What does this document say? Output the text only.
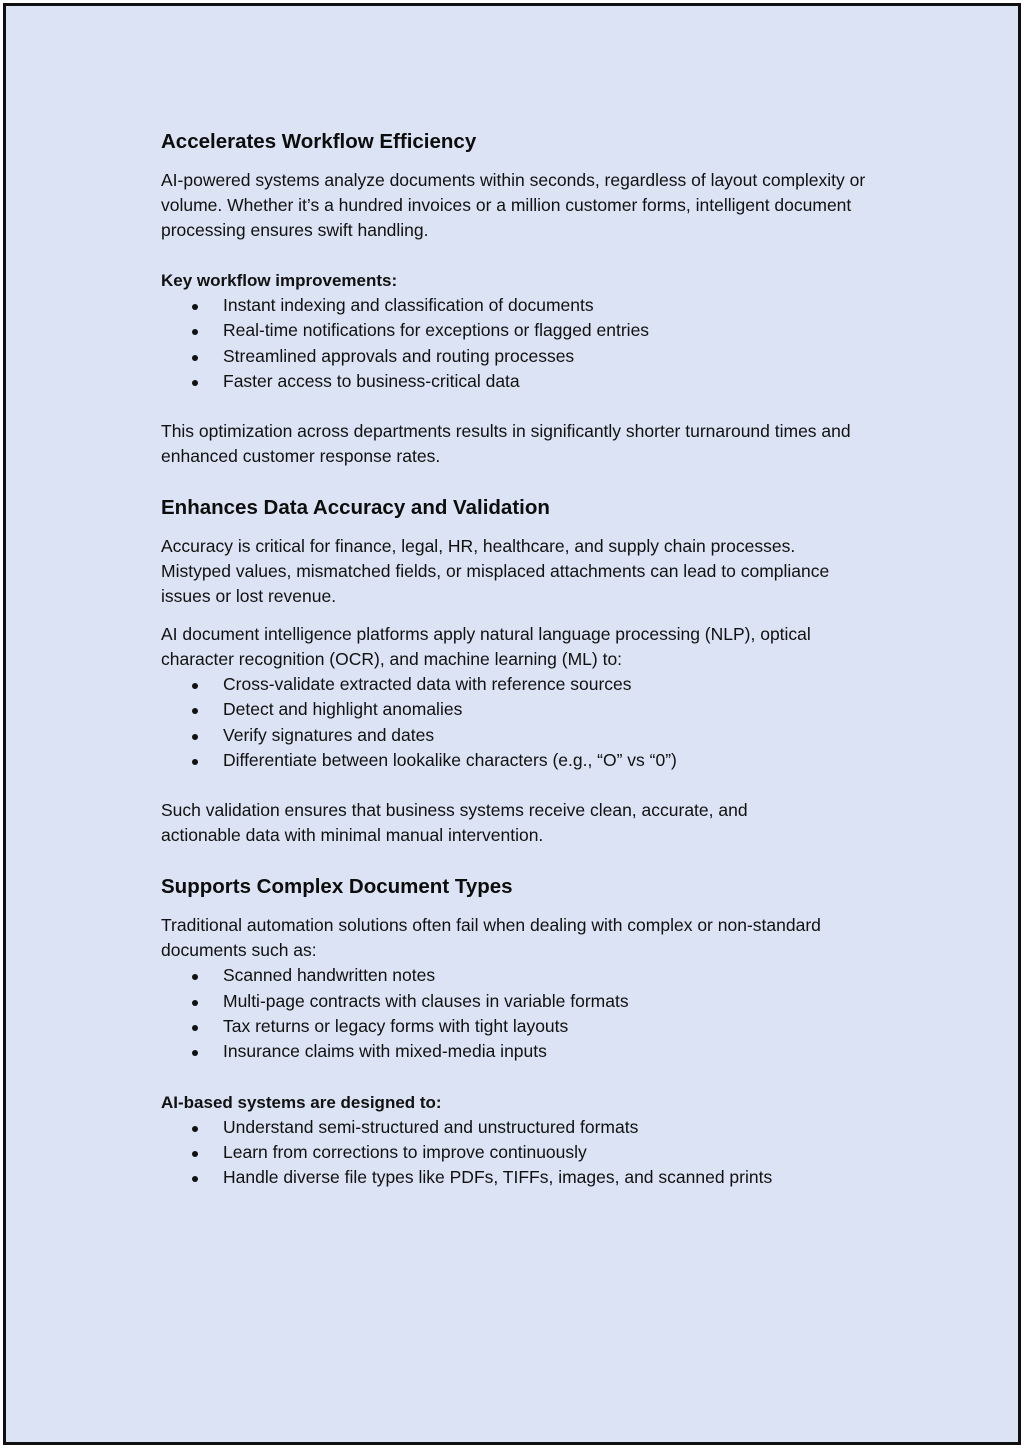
Accelerates Workflow Efficiency

AI-powered systems analyze documents within seconds, regardless of layout complexity or volume. Whether it’s a hundred invoices or a million customer forms, intelligent document processing ensures swift handling.

Key workflow improvements:

Instant indexing and classification of documents
Real-time notifications for exceptions or flagged entries
Streamlined approvals and routing processes
Faster access to business-critical data

This optimization across departments results in significantly shorter turnaround times and enhanced customer response rates.

Enhances Data Accuracy and Validation

Accuracy is critical for finance, legal, HR, healthcare, and supply chain processes. Mistyped values, mismatched fields, or misplaced attachments can lead to compliance issues or lost revenue.

AI document intelligence platforms apply natural language processing (NLP), optical character recognition (OCR), and machine learning (ML) to:

Cross-validate extracted data with reference sources
Detect and highlight anomalies
Verify signatures and dates
Differentiate between lookalike characters (e.g., “O” vs “0”)

Such validation ensures that business systems receive clean, accurate, and actionable data with minimal manual intervention.

Supports Complex Document Types

Traditional automation solutions often fail when dealing with complex or non-standard documents such as:

Scanned handwritten notes
Multi-page contracts with clauses in variable formats
Tax returns or legacy forms with tight layouts
Insurance claims with mixed-media inputs

AI-based systems are designed to:

Understand semi-structured and unstructured formats
Learn from corrections to improve continuously
Handle diverse file types like PDFs, TIFFs, images, and scanned prints
